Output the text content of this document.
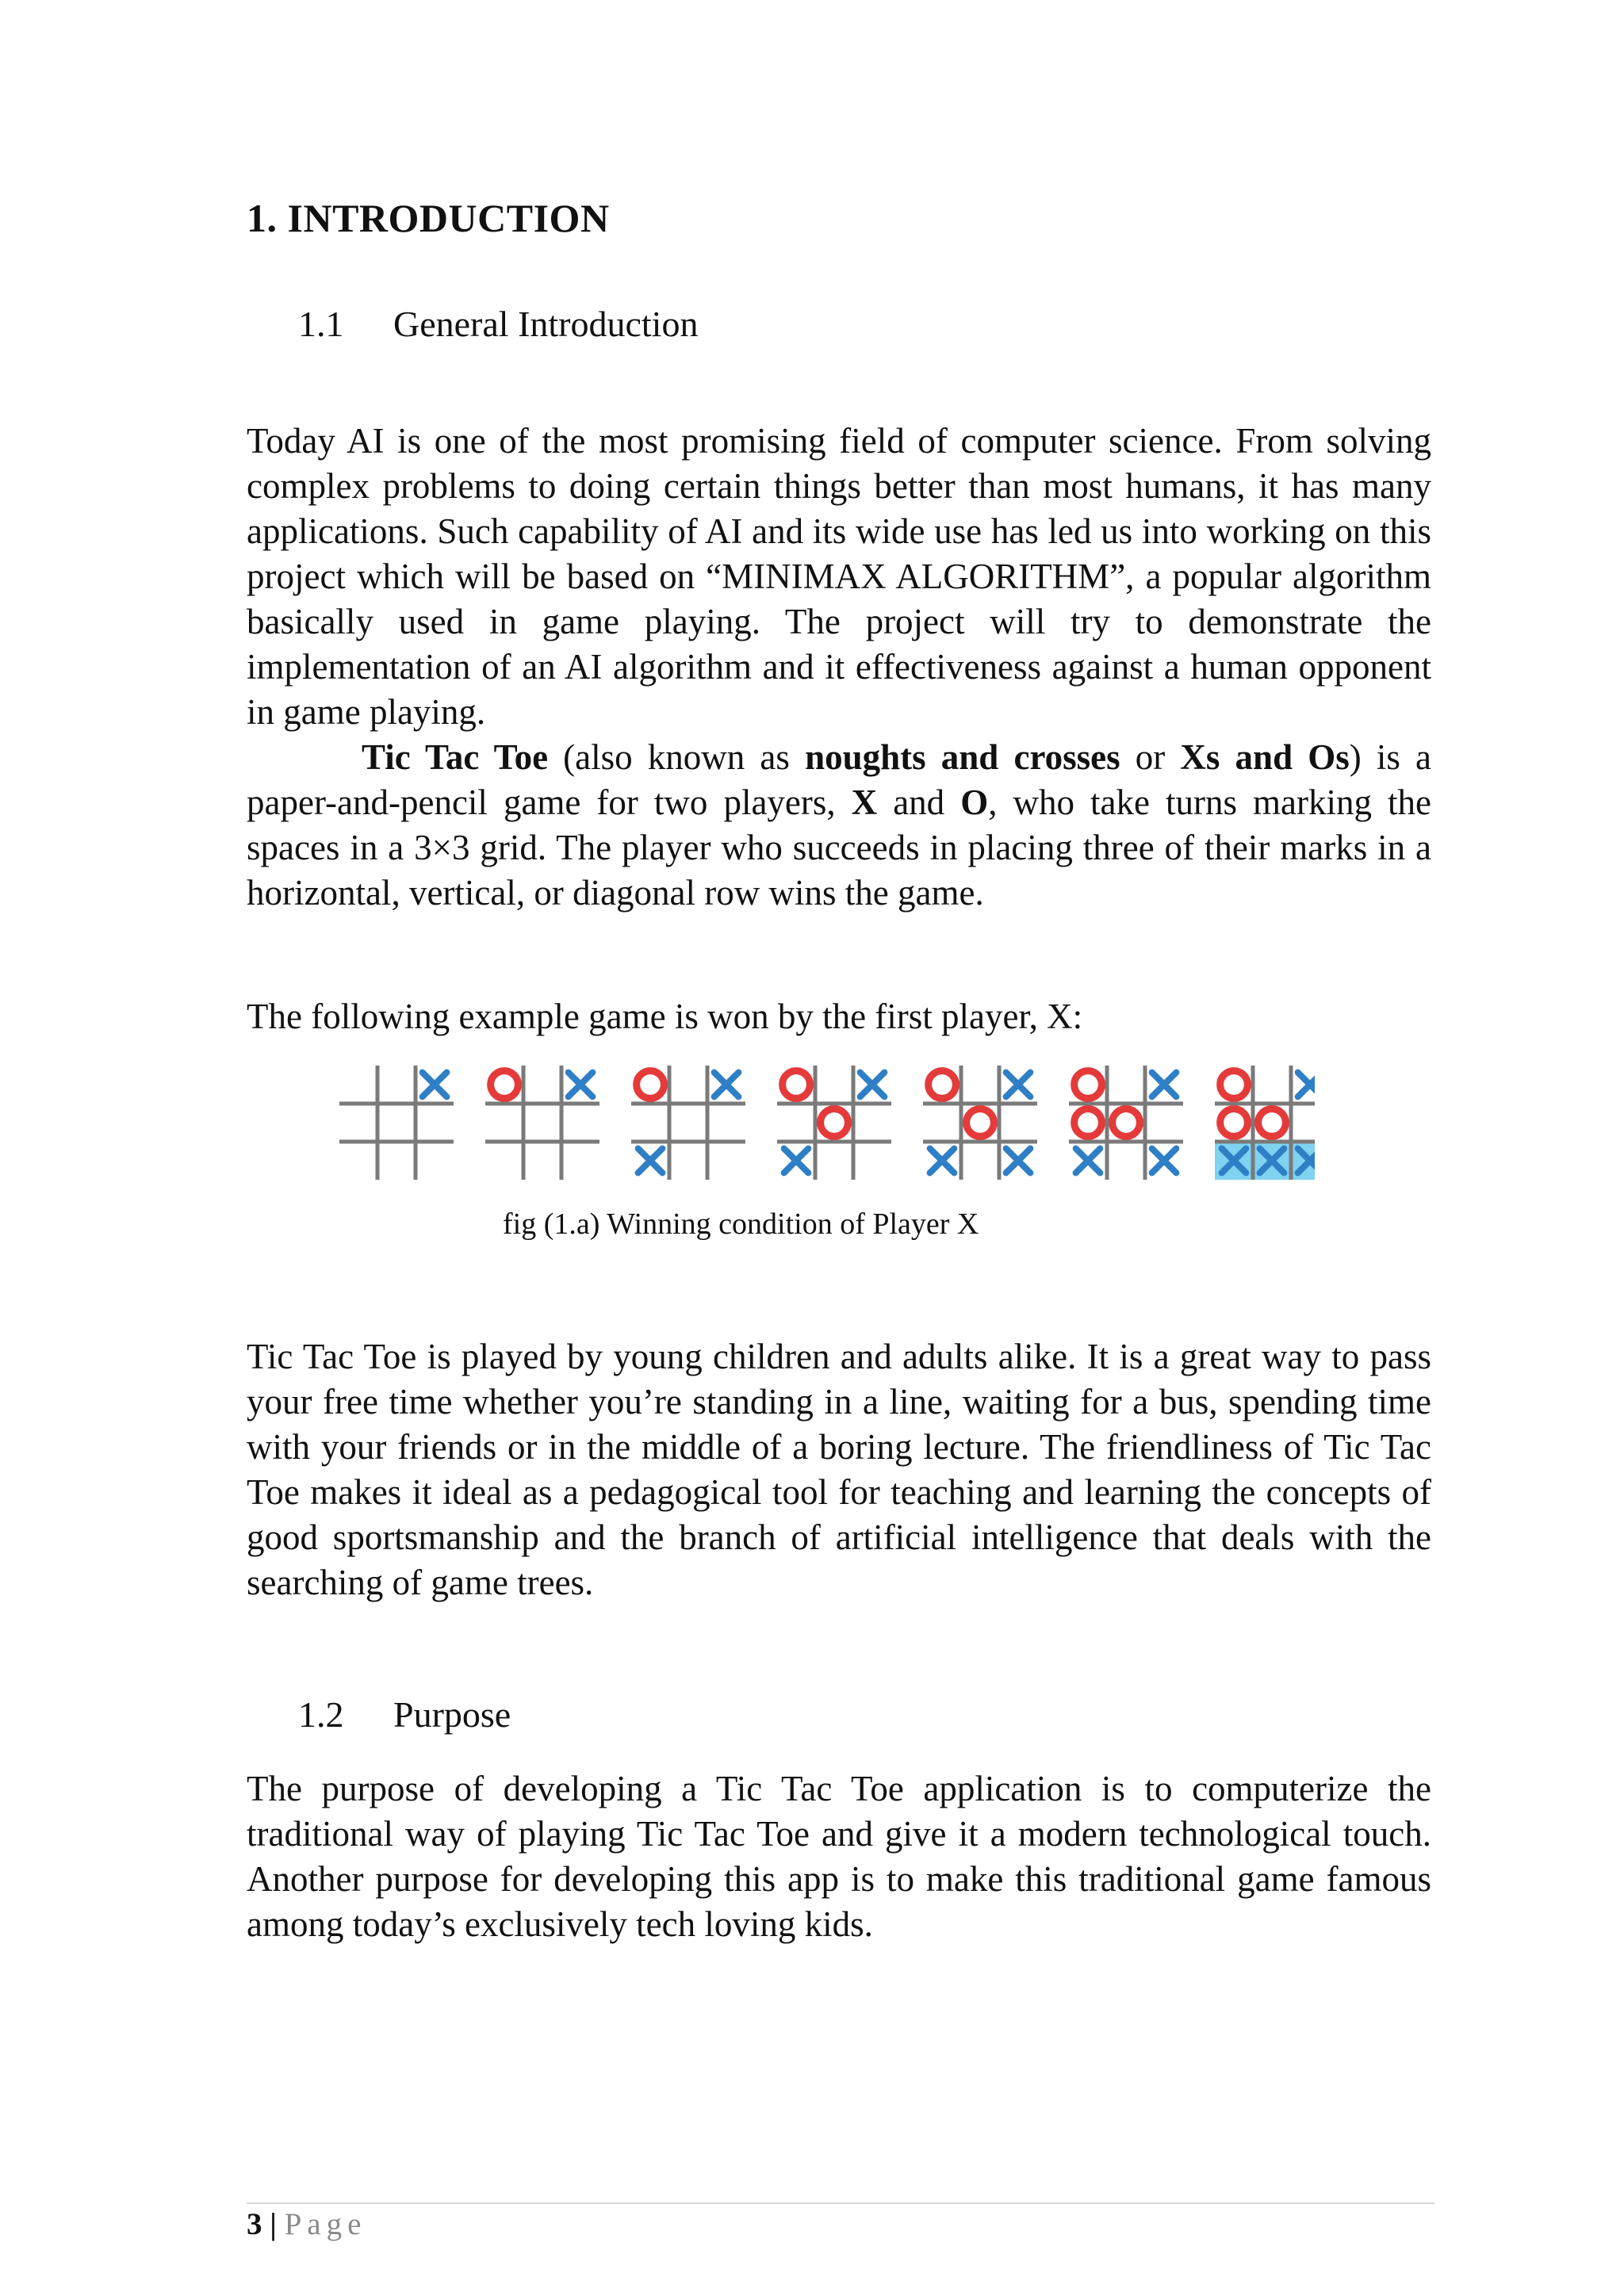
1. INTRODUCTION
1.1 General Introduction

Today AI is one of the most promising field of computer science. From solving complex problems to doing certain things better than most humans, it has many applications. Such capability of AI and its wide use has led us into working on this project which will be based on “MINIMAX ALGORITHM”, a popular algorithm basically used in game playing. The project will try to demonstrate the implementation of an AI algorithm and it effectiveness against a human opponent in game playing.

Tic Tac Toe (also known as noughts and crosses or Xs and Os) is a paper-and-pencil game for two players, X and O, who take turns marking the spaces in a 3×3 grid. The player who succeeds in placing three of their marks in a horizontal, vertical, or diagonal row wins the game.

The following example game is won by the first player, X:

fig (1.a) Winning condition of Player X

Tic Tac Toe is played by young children and adults alike. It is a great way to pass your free time whether you’re standing in a line, waiting for a bus, spending time with your friends or in the middle of a boring lecture. The friendliness of Tic Tac Toe makes it ideal as a pedagogical tool for teaching and learning the concepts of good sportsmanship and the branch of artificial intelligence that deals with the searching of game trees.

1.2 Purpose

The purpose of developing a Tic Tac Toe application is to computerize the traditional way of playing Tic Tac Toe and give it a modern technological touch. Another purpose for developing this app is to make this traditional game famous among today’s exclusively tech loving kids.

3 | Page
